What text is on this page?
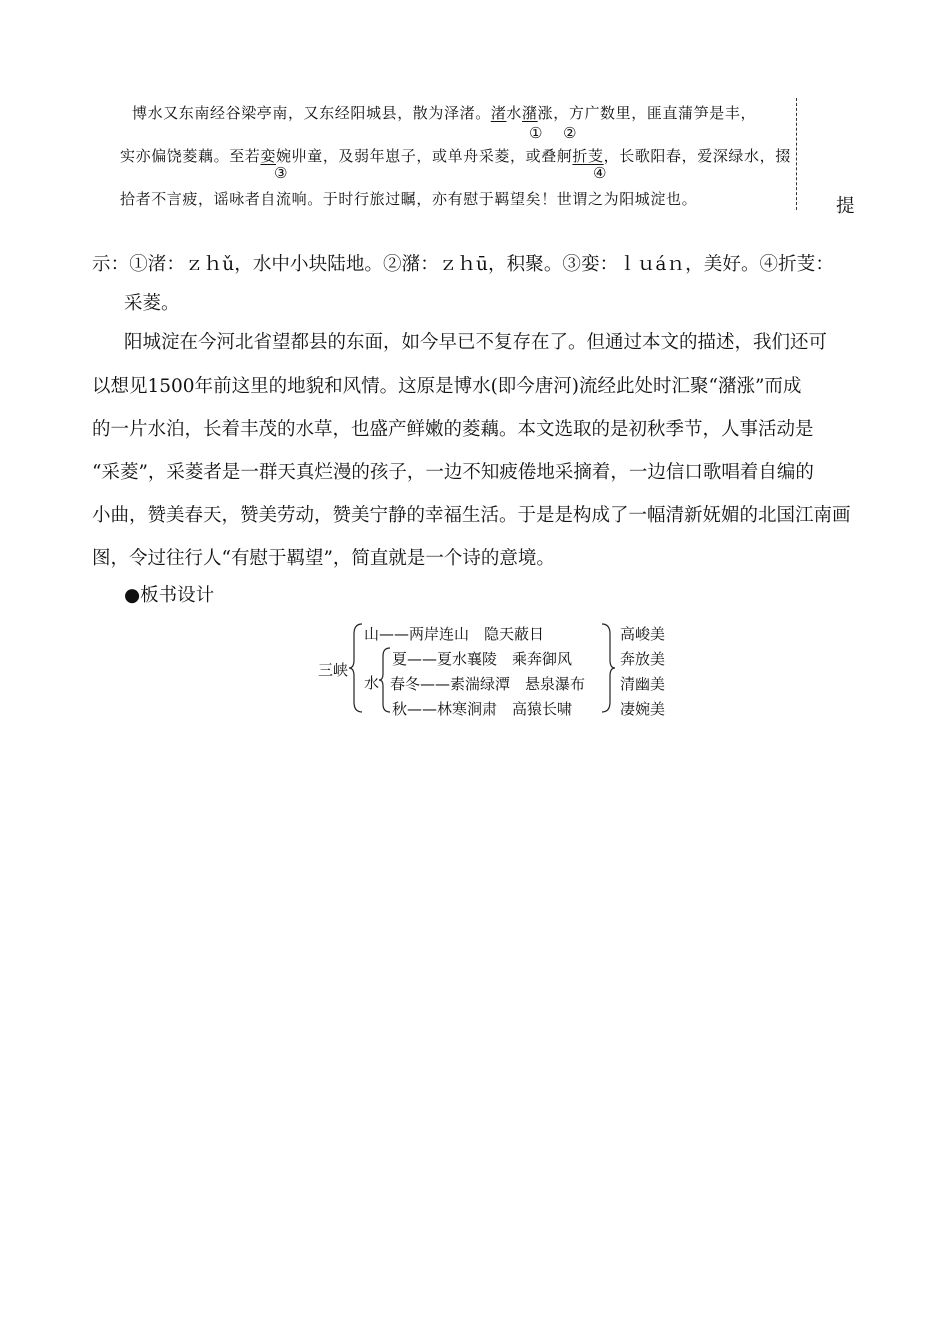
博水又东南经谷梁亭南，又东经阳城县，散为泽渚。渚水潴涨，方广数里，匪直蒲笋是丰，
① ②
实亦偏饶菱藕。至若娈婉丱童，及弱年崽子，或单舟采菱，或叠舸折芰，长歌阳春，爱深绿水，掇
③	④
拾者不言疲，谣咏者自流响。于时行旅过瞩，亦有慰于羁望矣！世谓之为阳城淀也。	提
示：①渚：ｚｈǔ，水中小块陆地。②潴：ｚｈū，积聚。③娈：ｌｕáｎ，美好。④折芰：
采菱。
阳城淀在今河北省望都县的东面，如今早已不复存在了。但通过本文的描述，我们还可
以想见1500年前这里的地貌和风情。这原是博水(即今唐河)流经此处时汇聚“潴涨”而成
的一片水泊，长着丰茂的水草，也盛产鲜嫩的菱藕。本文选取的是初秋季节，人事活动是
“采菱”，采菱者是一群天真烂漫的孩子，一边不知疲倦地采摘着，一边信口歌唱着自编的
小曲，赞美春天，赞美劳动，赞美宁静的幸福生活。于是是构成了一幅清新妩媚的北国江南画
图，令过往行人“有慰于羁望”，简直就是一个诗的意境。
●板书设计
三峡
山——两岸连山　隐天蔽日
水
夏——夏水襄陵　乘奔御风
春冬——素湍绿潭　悬泉瀑布
秋——林寒涧肃　高猿长啸
高峻美
奔放美
清幽美
凄婉美
